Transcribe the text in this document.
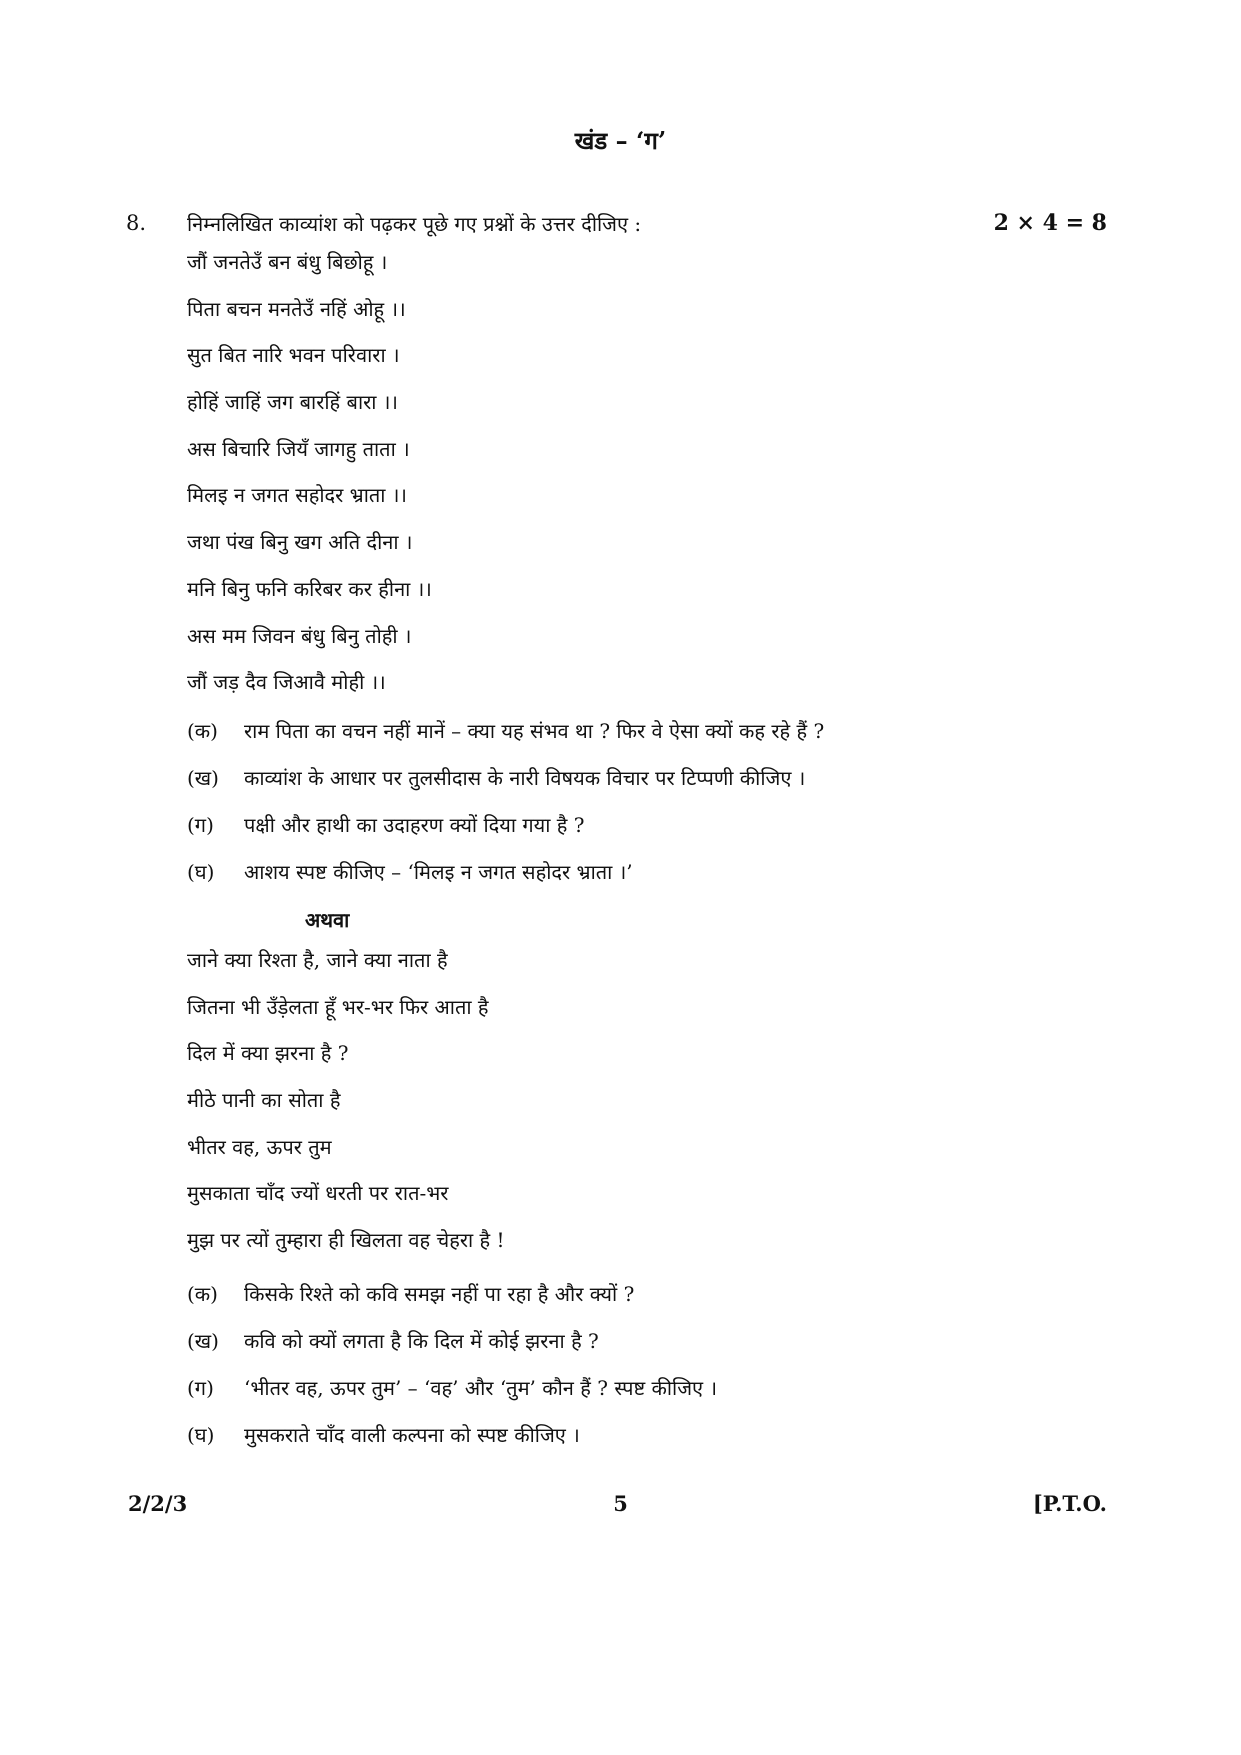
खंड – ‘ग’
8. निम्नलिखित काव्यांश को पढ़कर पूछे गए प्रश्नों के उत्तर दीजिए :	2 × 4 = 8
जौं जनतेउँ बन बंधु बिछोहू ।
पिता बचन मनतेउँ नहिं ओहू ।।
सुत बित नारि भवन परिवारा ।
होहिं जाहिं जग बारहिं बारा ।।
अस बिचारि जियँ जागहु ताता ।
मिलइ न जगत सहोदर भ्राता ।।
जथा पंख बिनु खग अति दीना ।
मनि बिनु फनि करिबर कर हीना ।।
अस मम जिवन बंधु बिनु तोही ।
जौं जड़ दैव जिआवै मोही ।।
(क) राम पिता का वचन नहीं मानें – क्या यह संभव था ? फिर वे ऐसा क्यों कह रहे हैं ?
(ख) काव्यांश के आधार पर तुलसीदास के नारी विषयक विचार पर टिप्पणी कीजिए ।
(ग) पक्षी और हाथी का उदाहरण क्यों दिया गया है ?
(घ) आशय स्पष्ट कीजिए – ‘मिलइ न जगत सहोदर भ्राता ।’
अथवा
जाने क्या रिश्ता है, जाने क्या नाता है
जितना भी उँड़ेलता हूँ भर-भर फिर आता है
दिल में क्या झरना है ?
मीठे पानी का सोता है
भीतर वह, ऊपर तुम
मुसकाता चाँद ज्यों धरती पर रात-भर
मुझ पर त्यों तुम्हारा ही खिलता वह चेहरा है !
(क) किसके रिश्ते को कवि समझ नहीं पा रहा है और क्यों ?
(ख) कवि को क्यों लगता है कि दिल में कोई झरना है ?
(ग) ‘भीतर वह, ऊपर तुम’ – ‘वह’ और ‘तुम’ कौन हैं ? स्पष्ट कीजिए ।
(घ) मुसकराते चाँद वाली कल्पना को स्पष्ट कीजिए ।
2/2/3	5	[P.T.O.
